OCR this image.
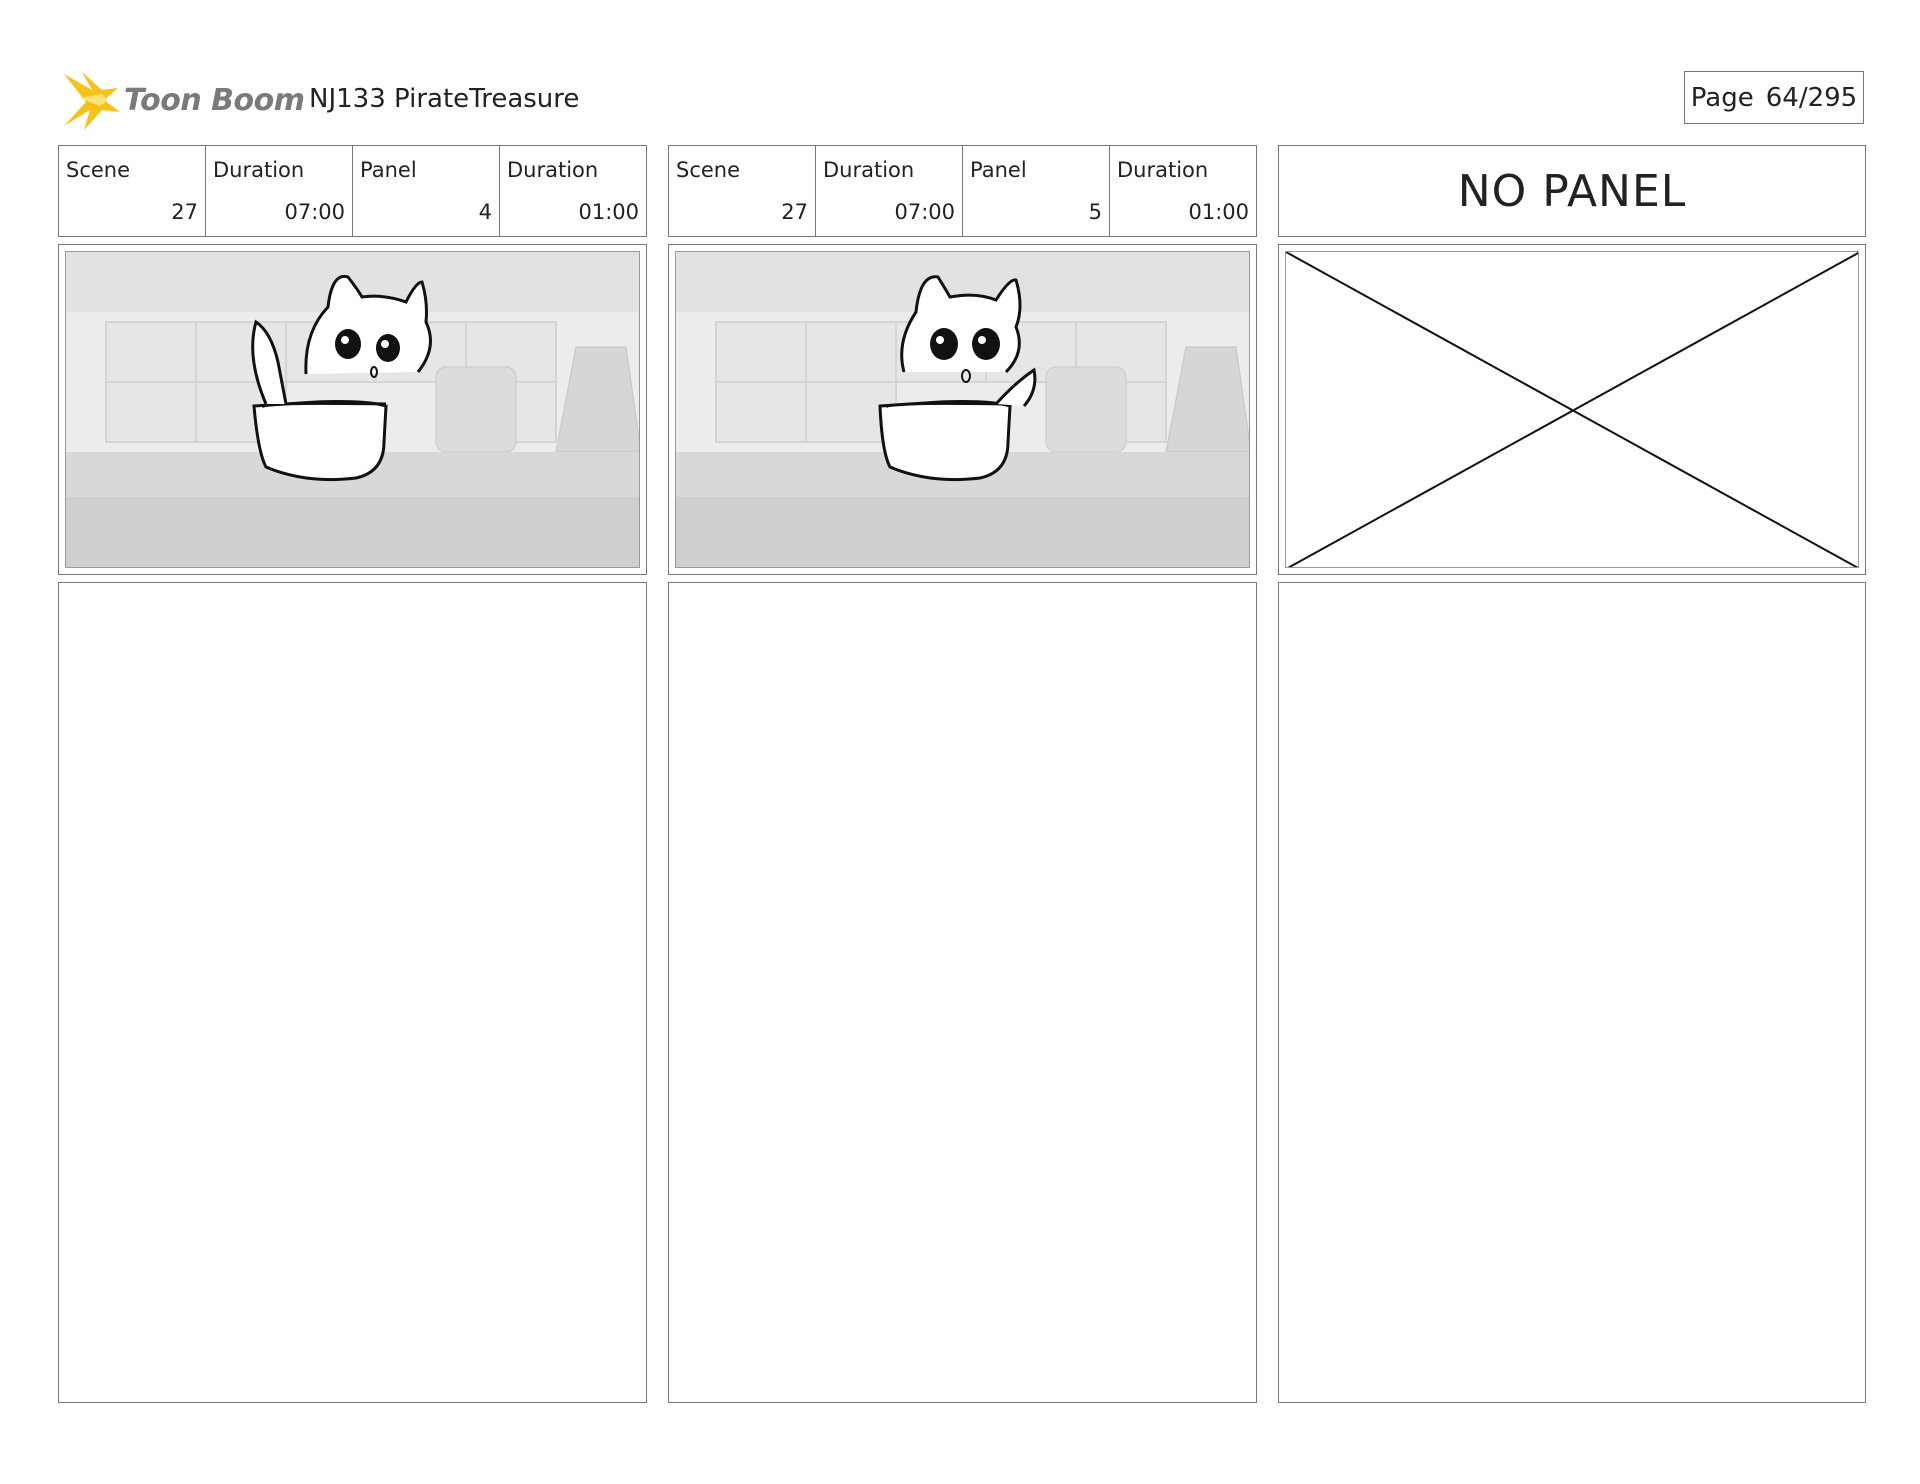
Toon Boom NJ133 PirateTreasure	Page 64/295
Scene
27
Duration
07:00
Panel
4
Duration
01:00
Scene
27
Duration
07:00
Panel
5
Duration
01:00	NO PANEL
